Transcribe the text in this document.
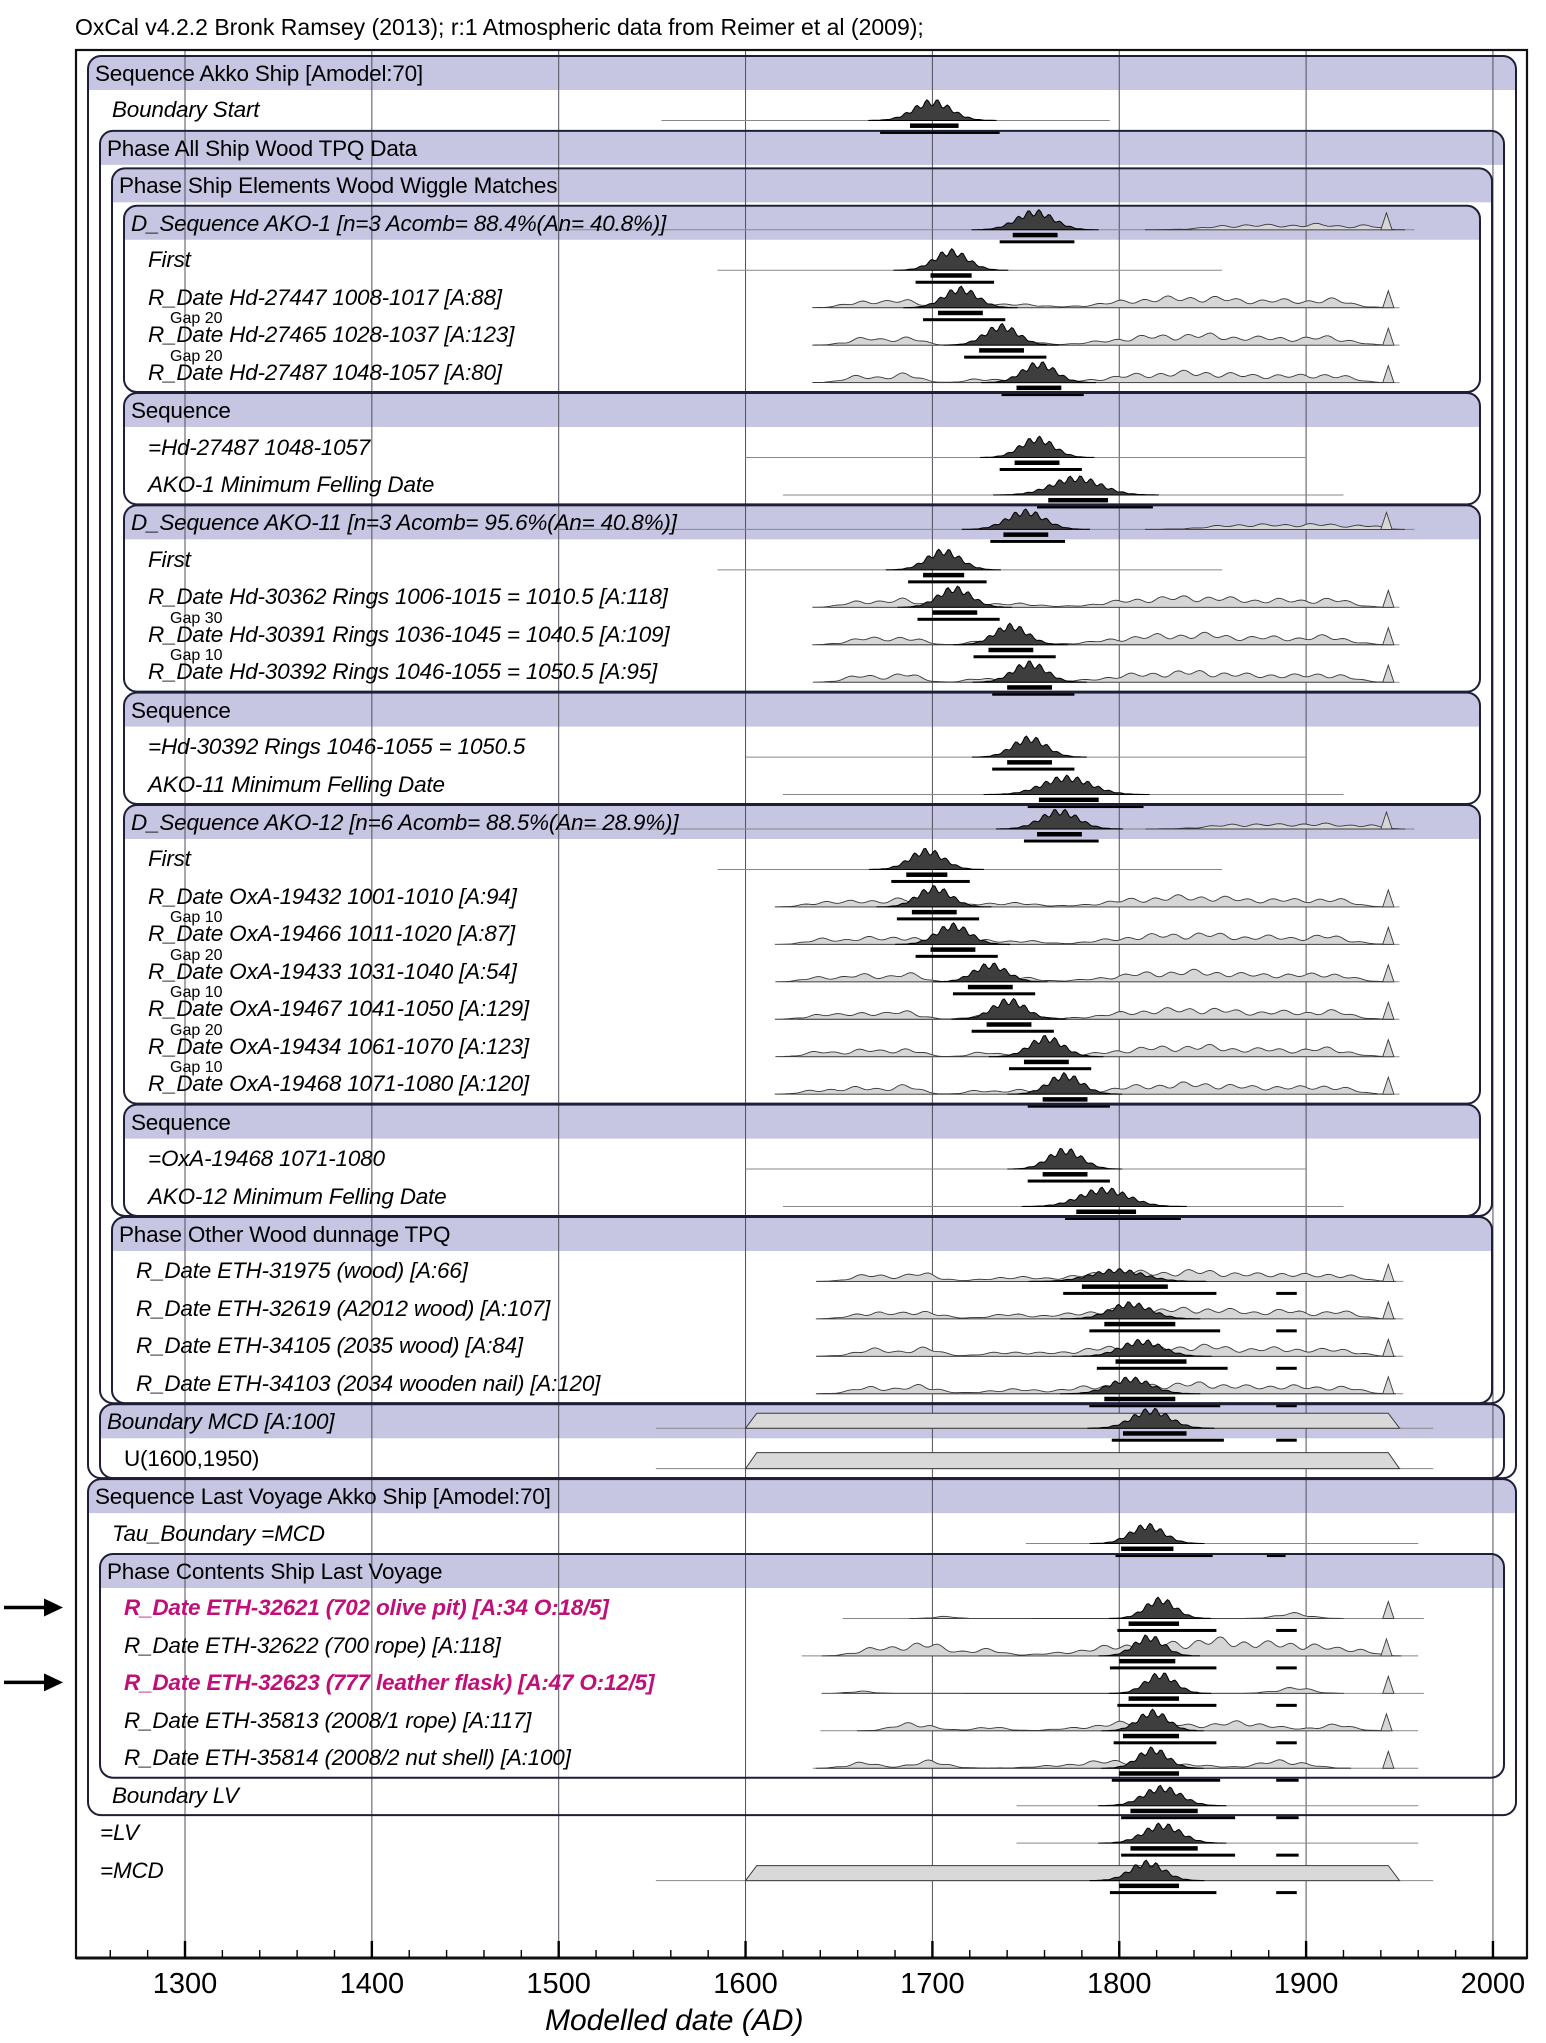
OxCal v4.2.2 Bronk Ramsey (2013); r:1 Atmospheric data from Reimer et al (2009);
Sequence Akko Ship [Amodel:70]
Boundary Start
Phase All Ship Wood TPQ Data
Phase Ship Elements Wood Wiggle Matches
D_Sequence AKO-1 [n=3 Acomb= 88.4%(An= 40.8%)]
First
R_Date Hd-27447 1008-1017 [A:88]
Gap 20
R_Date Hd-27465 1028-1037 [A:123]
Gap 20
R_Date Hd-27487 1048-1057 [A:80]
Sequence
=Hd-27487 1048-1057
AKO-1 Minimum Felling Date
D_Sequence AKO-11 [n=3 Acomb= 95.6%(An= 40.8%)]
First
R_Date Hd-30362 Rings 1006-1015 = 1010.5 [A:118]
Gap 30
R_Date Hd-30391 Rings 1036-1045 = 1040.5 [A:109]
Gap 10
R_Date Hd-30392 Rings 1046-1055 = 1050.5 [A:95]
Sequence
=Hd-30392 Rings 1046-1055 = 1050.5
AKO-11 Minimum Felling Date
D_Sequence AKO-12 [n=6 Acomb= 88.5%(An= 28.9%)]
First
R_Date OxA-19432 1001-1010 [A:94]
Gap 10
R_Date OxA-19466 1011-1020 [A:87]
Gap 20
R_Date OxA-19433 1031-1040 [A:54]
Gap 10
R_Date OxA-19467 1041-1050 [A:129]
Gap 20
R_Date OxA-19434 1061-1070 [A:123]
Gap 10
R_Date OxA-19468 1071-1080 [A:120]
Sequence
=OxA-19468 1071-1080
AKO-12 Minimum Felling Date
Phase Other Wood dunnage TPQ
R_Date ETH-31975 (wood) [A:66]
R_Date ETH-32619 (A2012 wood) [A:107]
R_Date ETH-34105 (2035 wood) [A:84]
R_Date ETH-34103 (2034 wooden nail) [A:120]
Boundary MCD [A:100]
U(1600,1950)
Sequence Last Voyage Akko Ship [Amodel:70]
Tau_Boundary =MCD
Phase Contents Ship Last Voyage
R_Date ETH-32621 (702 olive pit) [A:34 O:18/5]
R_Date ETH-32622 (700 rope) [A:118]
R_Date ETH-32623 (777 leather flask) [A:47 O:12/5]
R_Date ETH-35813 (2008/1 rope) [A:117]
R_Date ETH-35814 (2008/2 nut shell) [A:100]
Boundary LV
=LV
=MCD
1300	1400	1500	1600	1700	1800	1900	2000
Modelled date (AD)
